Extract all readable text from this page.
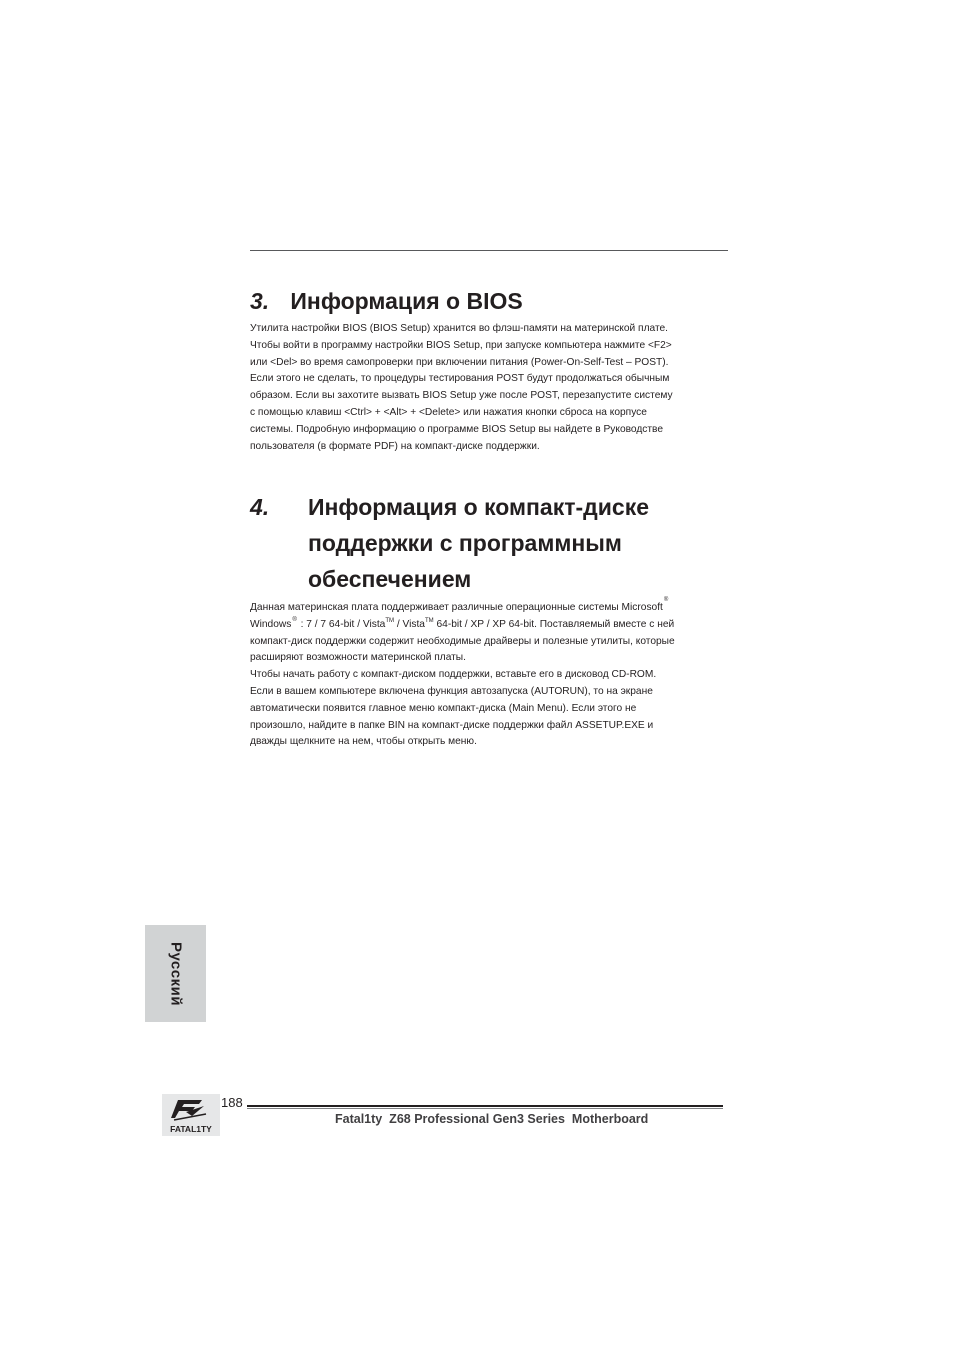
3. Информация о BIOS
Утилита настройки BIOS (BIOS Setup) хранится во флэш-памяти на материнской плате.
Чтобы войти в программу настройки BIOS Setup, при запуске компьютера нажмите <F2>
или <Del> во время самопроверки при включении питания (Power-On-Self-Test – POST).
Если этого не сделать, то процедуры тестирования POST будут продолжаться обычным
образом. Если вы захотите вызвать BIOS Setup уже после POST, перезапустите систему
с помощью клавиш <Ctrl> + <Alt> + <Delete> или нажатия кнопки сброса на корпусе
системы. Подробную информацию о программе BIOS Setup вы найдете в Руководстве
пользователя (в формате PDF) на компакт-диске поддержки.
4. Информация о компакт-диске
поддержки с программным
обеспечением
Данная материнская плата поддерживает различные операционные системы Microsoft®
Windows® : 7 / 7 64-bit / Vista™ / Vista™ 64-bit / XP / XP 64-bit. Поставляемый вместе с ней
компакт-диск поддержки содержит необходимые драйверы и полезные утилиты, которые
расширяют возможности материнской платы.
Чтобы начать работу с компакт-диском поддержки, вставьте его в дисковод CD-ROM.
Если в вашем компьютере включена функция автозапуска (AUTORUN), то на экране
автоматически появится главное меню компакт-диска (Main Menu). Если этого не
произошло, найдите в папке BIN на компакт-диске поддержки файл ASSETUP.EXE и
дважды щелкните на нем, чтобы открыть меню.
Русский
FATAL1TY
188
Fatal1ty  Z68 Professional Gen3 Series  Motherboard
